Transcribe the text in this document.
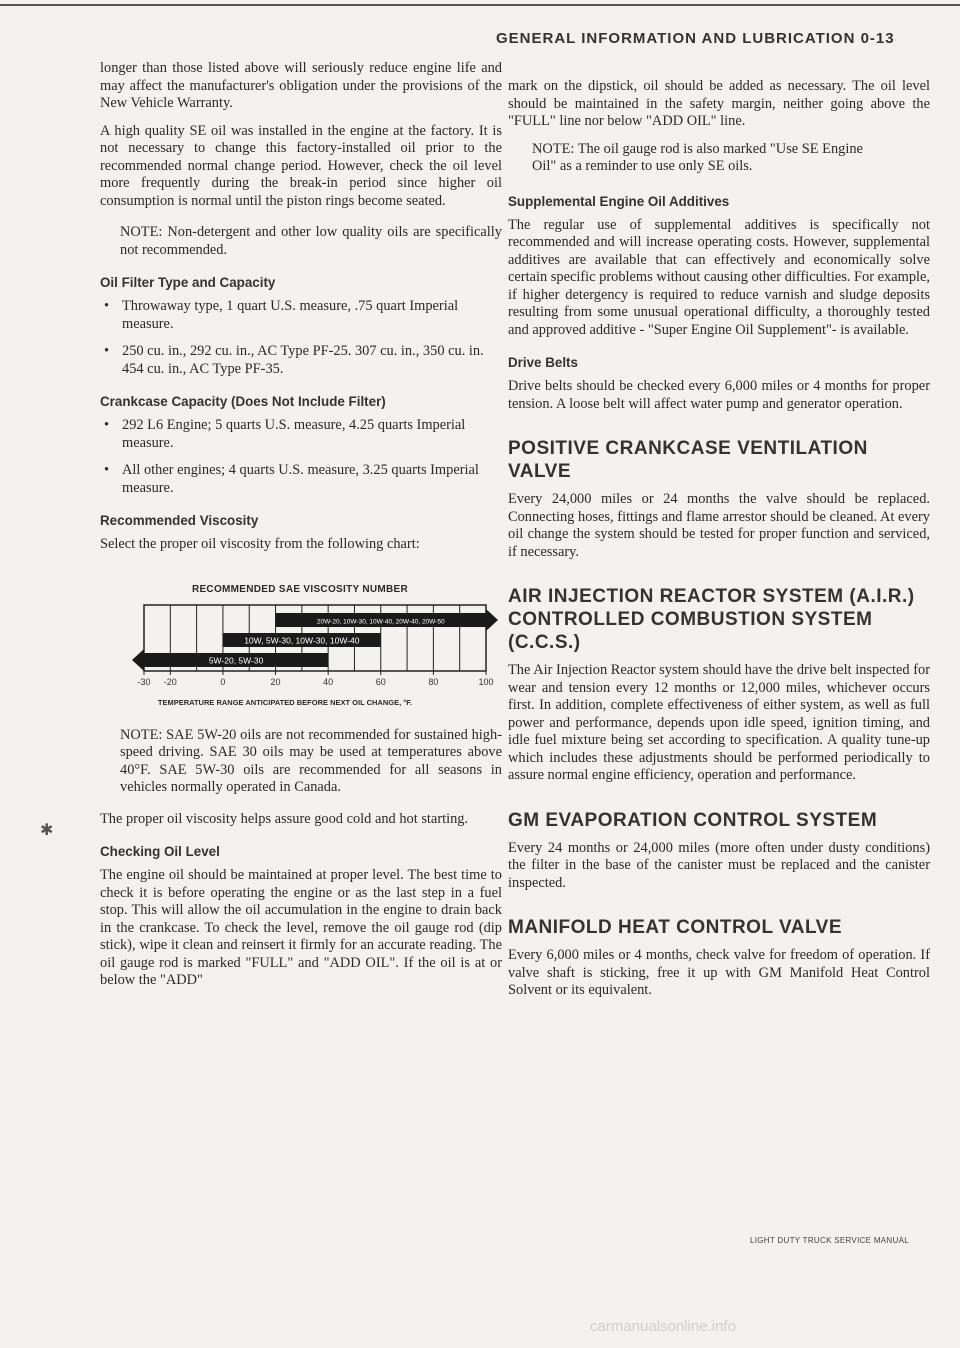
GENERAL INFORMATION AND LUBRICATION 0-13

longer than those listed above will seriously reduce engine life and may affect the manufacturer's obligation under the provisions of the New Vehicle Warranty.

A high quality SE oil was installed in the engine at the factory. It is not necessary to change this factory-installed oil prior to the recommended normal change period. However, check the oil level more frequently during the break-in period since higher oil consumption is normal until the piston rings become seated.

NOTE: Non-detergent and other low quality oils are specifically not recommended.

Oil Filter Type and Capacity
• Throwaway type, 1 quart U.S. measure, .75 quart Imperial measure.
• 250 cu. in., 292 cu. in., AC Type PF-25. 307 cu. in., 350 cu. in. 454 cu. in., AC Type PF-35.
Crankcase Capacity (Does Not Include Filter)
• 292 L6 Engine; 5 quarts U.S. measure, 4.25 quarts Imperial measure.
• All other engines; 4 quarts U.S. measure, 3.25 quarts Imperial measure.
Recommended Viscosity

Select the proper oil viscosity from the following chart:

RECOMMENDED SAE VISCOSITY NUMBER
-30 -20	0	20	40	60	80	100
20W-20, 10W-30, 10W-40, 20W-40, 20W-50
10W, 5W-30, 10W-30, 10W-40
5W-20, 5W-30
TEMPERATURE RANGE ANTICIPATED BEFORE NEXT OIL CHANGE, °F.

NOTE: SAE 5W-20 oils are not recommended for sustained high-speed driving. SAE 30 oils may be used at temperatures above 40°F. SAE 5W-30 oils are recommended for all seasons in vehicles normally operated in Canada.

The proper oil viscosity helps assure good cold and hot starting.

Checking Oil Level

The engine oil should be maintained at proper level. The best time to check it is before operating the engine or as the last step in a fuel stop. This will allow the oil accumulation in the engine to drain back in the crankcase. To check the level, remove the oil gauge rod (dip stick), wipe it clean and reinsert it firmly for an accurate reading. The oil gauge rod is marked "FULL" and "ADD OIL". If the oil is at or below the "ADD"

mark on the dipstick, oil should be added as necessary. The oil level should be maintained in the safety margin, neither going above the "FULL" line nor below "ADD OIL" line.

NOTE: The oil gauge rod is also marked "Use SE Engine Oil" as a reminder to use only SE oils.

Supplemental Engine Oil Additives

The regular use of supplemental additives is specifically not recommended and will increase operating costs. However, supplemental additives are available that can effectively and economically solve certain specific problems without causing other difficulties. For example, if higher detergency is required to reduce varnish and sludge deposits resulting from some unusual operational difficulty, a thoroughly tested and approved additive - "Super Engine Oil Supplement"- is available.

Drive Belts

Drive belts should be checked every 6,000 miles or 4 months for proper tension. A loose belt will affect water pump and generator operation.

POSITIVE CRANKCASE VENTILATION VALVE

Every 24,000 miles or 24 months the valve should be replaced. Connecting hoses, fittings and flame arrestor should be cleaned. At every oil change the system should be tested for proper function and serviced, if necessary.

AIR INJECTION REACTOR SYSTEM (A.I.R.) CONTROLLED COMBUSTION SYSTEM (C.C.S.)

The Air Injection Reactor system should have the drive belt inspected for wear and tension every 12 months or 12,000 miles, whichever occurs first. In addition, complete effectiveness of either system, as well as full power and performance, depends upon idle speed, ignition timing, and idle fuel mixture being set according to specification. A quality tune-up which includes these adjustments should be performed periodically to assure normal engine efficiency, operation and performance.

GM EVAPORATION CONTROL SYSTEM

Every 24 months or 24,000 miles (more often under dusty conditions) the filter in the base of the canister must be replaced and the canister inspected.

MANIFOLD HEAT CONTROL VALVE

Every 6,000 miles or 4 months, check valve for freedom of operation. If valve shaft is sticking, free it up with GM Manifold Heat Control Solvent or its equivalent.

✱
LIGHT DUTY TRUCK SERVICE MANUAL
carmanualsonline.info
